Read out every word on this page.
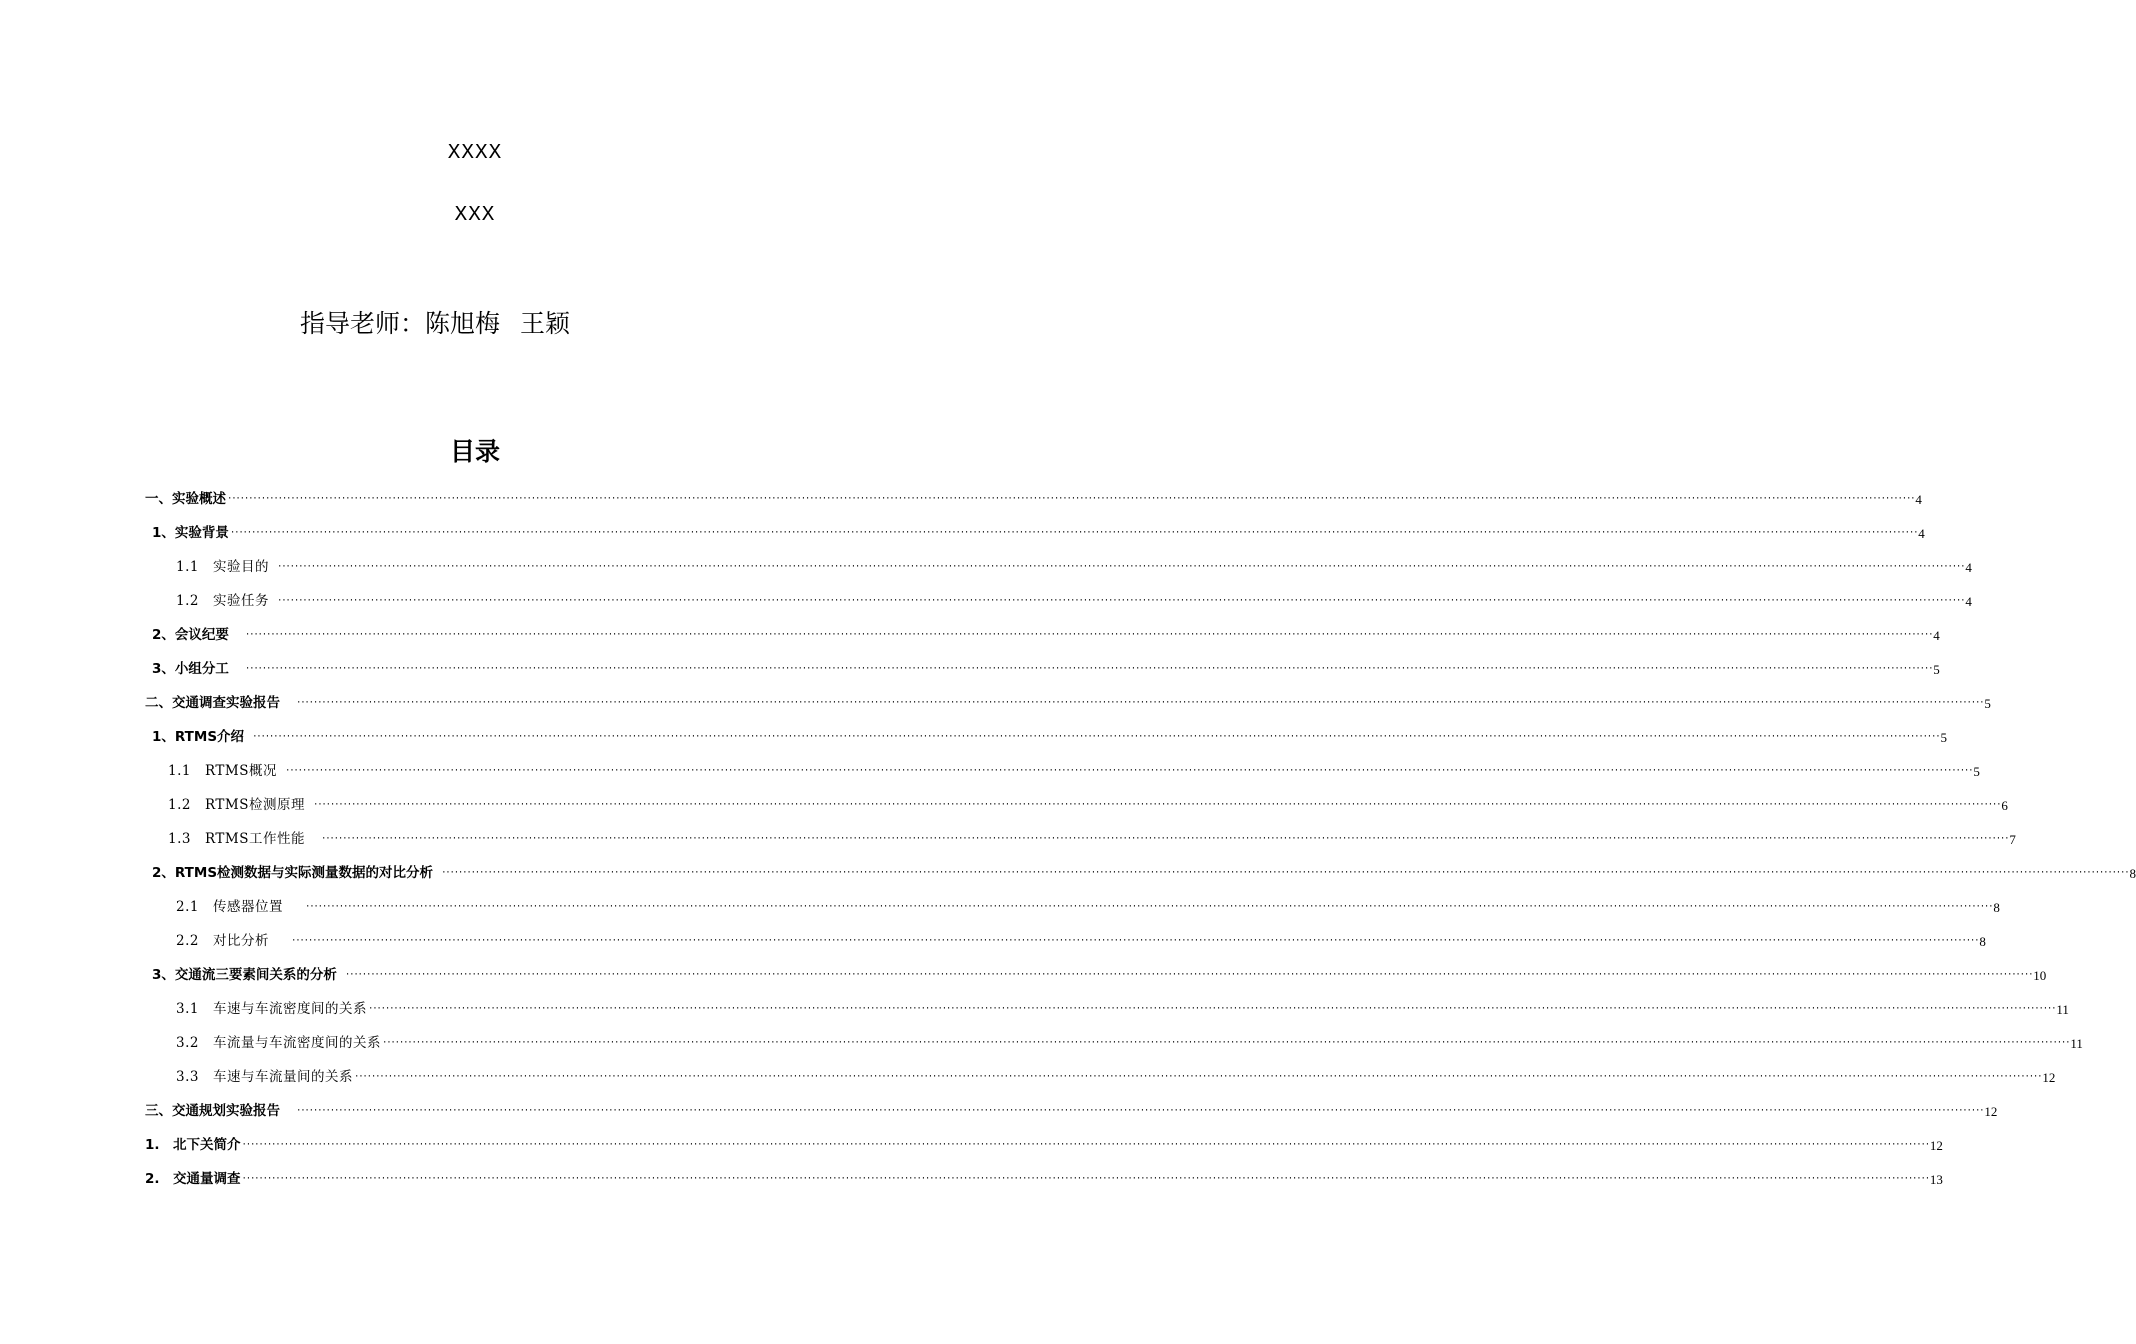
XXXX
XXX
指导老师：陈旭梅 王颖
目录
一、实验概述 ················································································································································································································································································································································································································ 4
1、实验背景 ················································································································································································································································································································································································································ 4
1.1　实验目的 ················································································································································································································································································································································································································ 4
1.2　实验任务 ················································································································································································································································································································································································································ 4
2、会议纪要 ················································································································································································································································································································································································································ 4
3、小组分工 ················································································································································································································································································································································································································ 5
二、交通调查实验报告 ················································································································································································································································································································································································································ 5
1、RTMS介绍 ················································································································································································································································································································································································································ 5
1.1　RTMS概况 ················································································································································································································································································································································································································ 5
1.2　RTMS检测原理 ················································································································································································································································································································································································································ 6
1.3　RTMS工作性能 ················································································································································································································································································································································································································ 7
2、RTMS检测数据与实际测量数据的对比分析 ················································································································································································································································································································································································································ 8
2.1　传感器位置 ················································································································································································································································································································································································································ 8
2.2　对比分析 ················································································································································································································································································································································································································ 8
3、交通流三要素间关系的分析 ················································································································································································································································································································································································································ 10
3.1　车速与车流密度间的关系 ················································································································································································································································································································································································································ 11
3.2　车流量与车流密度间的关系 ················································································································································································································································································································································································································ 11
3.3　车速与车流量间的关系 ················································································································································································································································································································································································································ 12
三、交通规划实验报告 ················································································································································································································································································································································································································ 12
1.　北下关简介 ················································································································································································································································································································································································································ 12
2.　交通量调查 ················································································································································································································································································································································································································ 13
